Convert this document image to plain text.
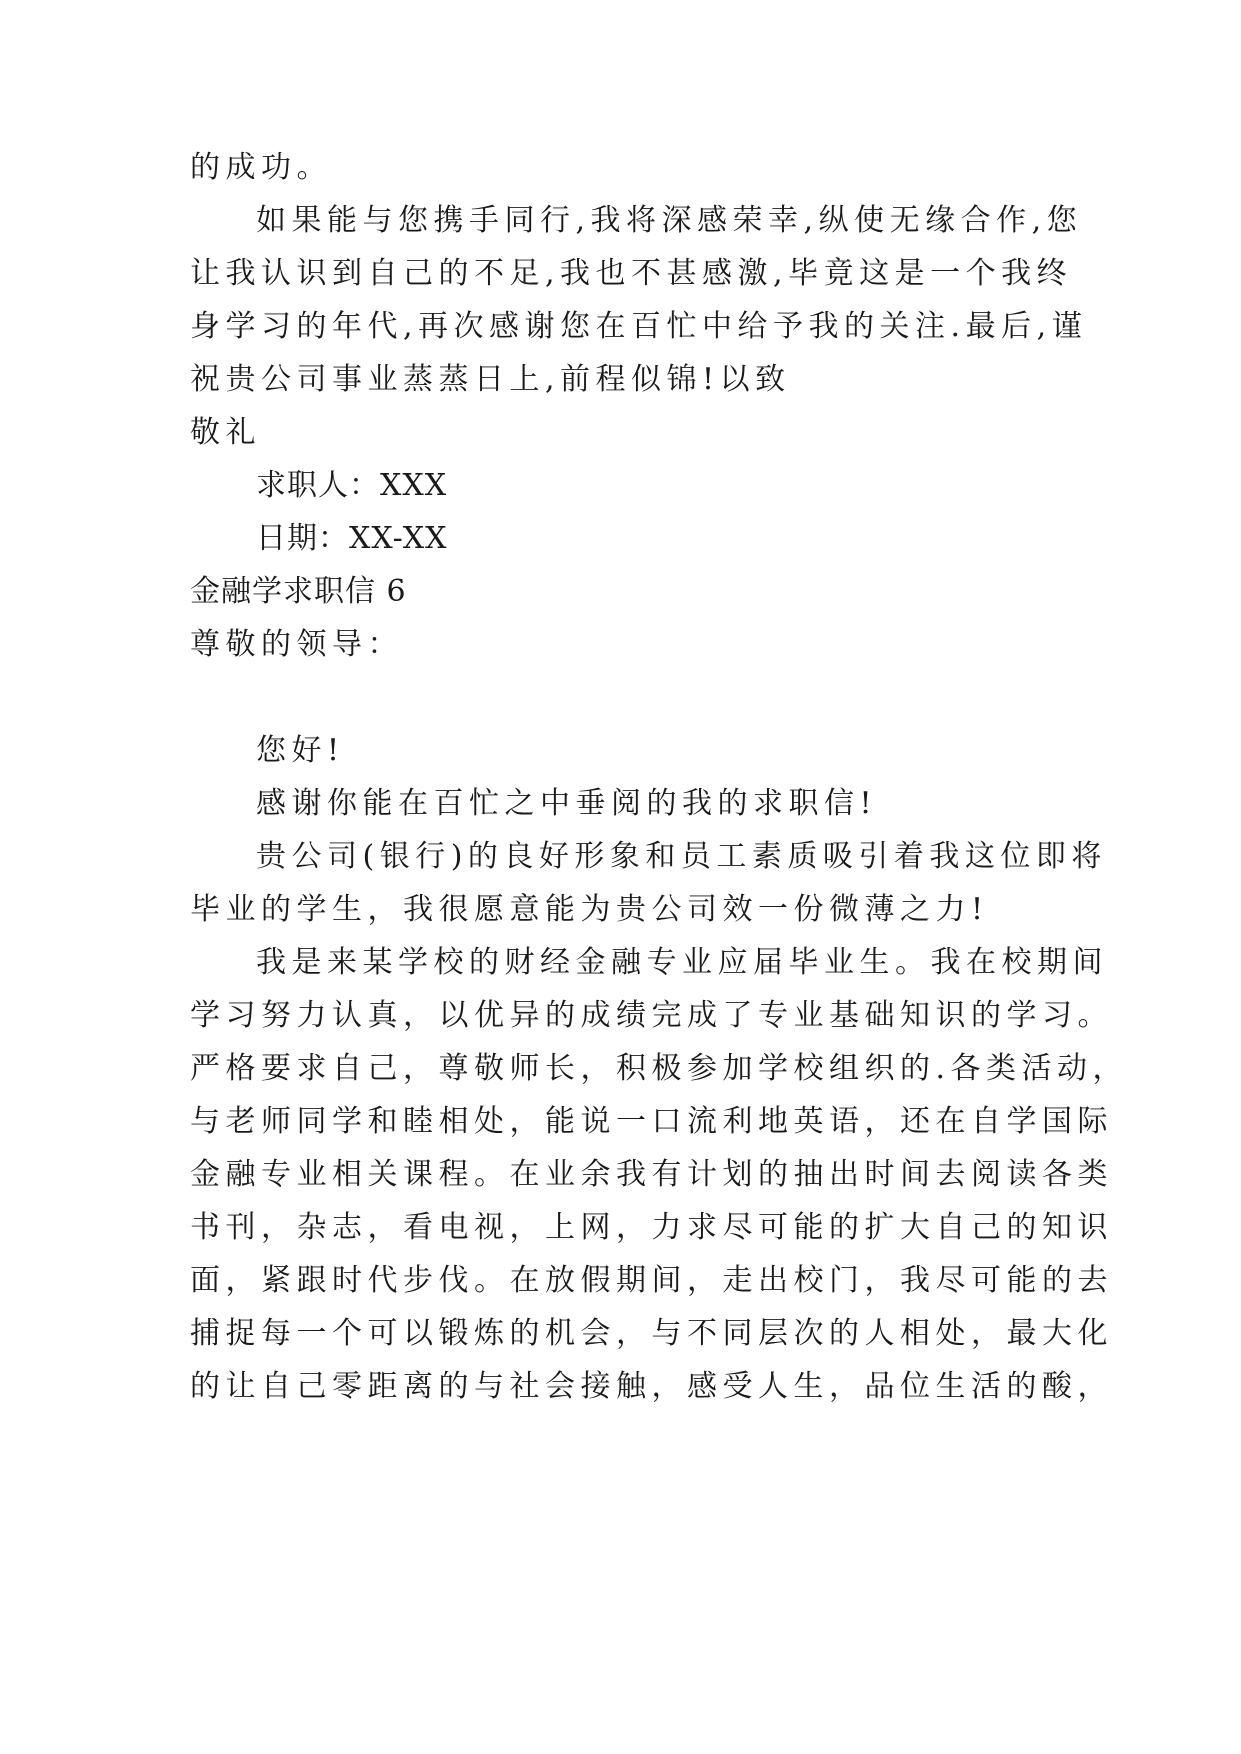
的成功。
如果能与您携手同行,我将深感荣幸,纵使无缘合作,您
让我认识到自己的不足,我也不甚感激,毕竟这是一个我终
身学习的年代,再次感谢您在百忙中给予我的关注.最后,谨
祝贵公司事业蒸蒸日上,前程似锦!以致
敬礼
求职人：XXX
日期：XX-XX
金融学求职信 6
尊敬的领导：
您好!
感谢你能在百忙之中垂阅的我的求职信!
贵公司(银行)的良好形象和员工素质吸引着我这位即将
毕业的学生，我很愿意能为贵公司效一份微薄之力!
我是来某学校的财经金融专业应届毕业生。我在校期间
学习努力认真，以优异的成绩完成了专业基础知识的学习。
严格要求自己，尊敬师长，积极参加学校组织的.各类活动，
与老师同学和睦相处，能说一口流利地英语，还在自学国际
金融专业相关课程。在业余我有计划的抽出时间去阅读各类
书刊，杂志，看电视，上网，力求尽可能的扩大自己的知识
面，紧跟时代步伐。在放假期间，走出校门，我尽可能的去
捕捉每一个可以锻炼的机会，与不同层次的人相处，最大化
的让自己零距离的与社会接触，感受人生，品位生活的酸，
